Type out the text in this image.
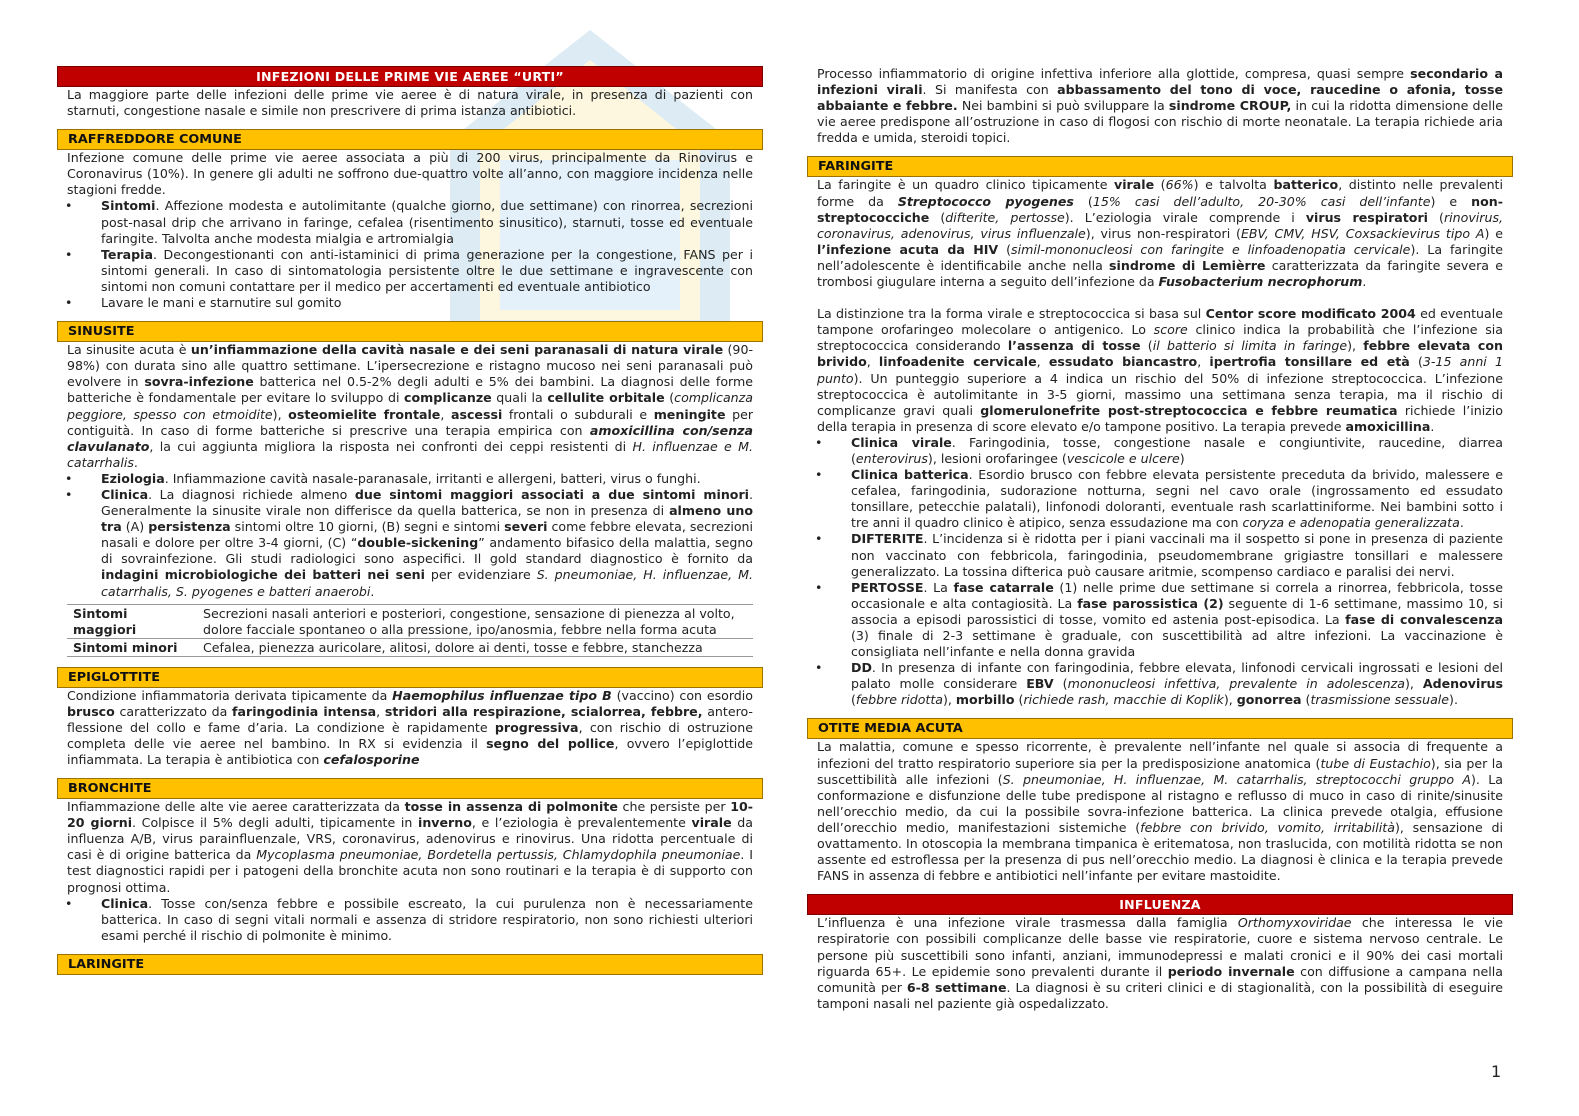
INFEZIONI DELLE PRIME VIE AEREE “URTI”

La maggiore parte delle infezioni delle prime vie aeree è di natura virale, in presenza di pazienti con starnuti, congestione nasale e simile non prescrivere di prima istanza antibiotici.

RAFFREDDORE COMUNE

Infezione comune delle prime vie aeree associata a più di 200 virus, principalmente da Rinovirus e Coronavirus (10%). In genere gli adulti ne soffrono due-quattro volte all’anno, con maggiore incidenza nelle stagioni fredde.

• Sintomi. Affezione modesta e autolimitante (qualche giorno, due settimane) con rinorrea, secrezioni post-nasal drip che arrivano in faringe, cefalea (risentimento sinusitico), starnuti, tosse ed eventuale faringite. Talvolta anche modesta mialgia e artromialgia
• Terapia. Decongestionanti con anti-istaminici di prima generazione per la congestione, FANS per i sintomi generali. In caso di sintomatologia persistente oltre le due settimane e ingravescente con sintomi non comuni contattare per il medico per accertamenti ed eventuale antibiotico
• Lavare le mani e starnutire sul gomito
SINUSITE

La sinusite acuta è un’infiammazione della cavità nasale e dei seni paranasali di natura virale (90-98%) con durata sino alle quattro settimane. L’ipersecrezione e ristagno mucoso nei seni paranasali può evolvere in sovra-infezione batterica nel 0.5-2% degli adulti e 5% dei bambini. La diagnosi delle forme batteriche è fondamentale per evitare lo sviluppo di complicanze quali la cellulite orbitale (complicanza peggiore, spesso con etmoidite), osteomielite frontale, ascessi frontali o subdurali e meningite per contiguità. In caso di forme batteriche si prescrive una terapia empirica con amoxicillina con/senza clavulanato, la cui aggiunta migliora la risposta nei confronti dei ceppi resistenti di H. influenzae e M. catarrhalis.

• Eziologia. Infiammazione cavità nasale-paranasale, irritanti e allergeni, batteri, virus o funghi.
• Clinica. La diagnosi richiede almeno due sintomi maggiori associati a due sintomi minori. Generalmente la sinusite virale non differisce da quella batterica, se non in presenza di almeno uno tra (A) persistenza sintomi oltre 10 giorni, (B) segni e sintomi severi come febbre elevata, secrezioni nasali e dolore per oltre 3-4 giorni, (C) “double-sickening” andamento bifasico della malattia, segno di sovrainfezione. Gli studi radiologici sono aspecifici. Il gold standard diagnostico è fornito da indagini microbiologiche dei batteri nei seni per evidenziare S. pneumoniae, H. influenzae, M. catarrhalis, S. pyogenes e batteri anaerobi.
Sintomi maggiori	Secrezioni nasali anteriori e posteriori, congestione, sensazione di pienezza al volto, dolore facciale spontaneo o alla pressione, ipo/anosmia, febbre nella forma acuta
Sintomi minori	Cefalea, pienezza auricolare, alitosi, dolore ai denti, tosse e febbre, stanchezza
EPIGLOTTITE

Condizione infiammatoria derivata tipicamente da Haemophilus influenzae tipo B (vaccino) con esordio brusco caratterizzato da faringodinia intensa, stridori alla respirazione, scialorrea, febbre, antero-flessione del collo e fame d’aria. La condizione è rapidamente progressiva, con rischio di ostruzione completa delle vie aeree nel bambino. In RX si evidenzia il segno del pollice, ovvero l’epiglottide infiammata. La terapia è antibiotica con cefalosporine

BRONCHITE

Infiammazione delle alte vie aeree caratterizzata da tosse in assenza di polmonite che persiste per 10-20 giorni. Colpisce il 5% degli adulti, tipicamente in inverno, e l’eziologia è prevalentemente virale da influenza A/B, virus parainfluenzale, VRS, coronavirus, adenovirus e rinovirus. Una ridotta percentuale di casi è di origine batterica da Mycoplasma pneumoniae, Bordetella pertussis, Chlamydophila pneumoniae. I test diagnostici rapidi per i patogeni della bronchite acuta non sono routinari e la terapia è di supporto con prognosi ottima.

• Clinica. Tosse con/senza febbre e possibile escreato, la cui purulenza non è necessariamente batterica. In caso di segni vitali normali e assenza di stridore respiratorio, non sono richiesti ulteriori esami perché il rischio di polmonite è minimo.
LARINGITE

Processo infiammatorio di origine infettiva inferiore alla glottide, compresa, quasi sempre secondario a infezioni virali. Si manifesta con abbassamento del tono di voce, raucedine o afonia, tosse abbaiante e febbre. Nei bambini si può sviluppare la sindrome CROUP, in cui la ridotta dimensione delle vie aeree predispone all’ostruzione in caso di flogosi con rischio di morte neonatale. La terapia richiede aria fredda e umida, steroidi topici.

FARINGITE

La faringite è un quadro clinico tipicamente virale (66%) e talvolta batterico, distinto nelle prevalenti forme da Streptococco pyogenes (15% casi dell’adulto, 20-30% casi dell’infante) e non-streptococciche (difterite, pertosse). L’eziologia virale comprende i virus respiratori (rinovirus, coronavirus, adenovirus, virus influenzale), virus non-respiratori (EBV, CMV, HSV, Coxsackievirus tipo A) e l’infezione acuta da HIV (simil-mononucleosi con faringite e linfoadenopatia cervicale). La faringite nell’adolescente è identificabile anche nella sindrome di Lemièrre caratterizzata da faringite severa e trombosi giugulare interna a seguito dell’infezione da Fusobacterium necrophorum.

La distinzione tra la forma virale e streptococcica si basa sul Centor score modificato 2004 ed eventuale tampone orofaringeo molecolare o antigenico. Lo score clinico indica la probabilità che l’infezione sia streptococcica considerando l’assenza di tosse (il batterio si limita in faringe), febbre elevata con brivido, linfoadenite cervicale, essudato biancastro, ipertrofia tonsillare ed età (3-15 anni 1 punto). Un punteggio superiore a 4 indica un rischio del 50% di infezione streptococcica. L’infezione streptococcica è autolimitante in 3-5 giorni, massimo una settimana senza terapia, ma il rischio di complicanze gravi quali glomerulonefrite post-streptococcica e febbre reumatica richiede l’inizio della terapia in presenza di score elevato e/o tampone positivo. La terapia prevede amoxicillina.

• Clinica virale. Faringodinia, tosse, congestione nasale e congiuntivite, raucedine, diarrea (enterovirus), lesioni orofaringee (vescicole e ulcere)
• Clinica batterica. Esordio brusco con febbre elevata persistente preceduta da brivido, malessere e cefalea, faringodinia, sudorazione notturna, segni nel cavo orale (ingrossamento ed essudato tonsillare, petecchie palatali), linfonodi doloranti, eventuale rash scarlattiniforme. Nei bambini sotto i tre anni il quadro clinico è atipico, senza essudazione ma con coryza e adenopatia generalizzata.
• DIFTERITE. L’incidenza si è ridotta per i piani vaccinali ma il sospetto si pone in presenza di paziente non vaccinato con febbricola, faringodinia, pseudomembrane grigiastre tonsillari e malessere generalizzato. La tossina difterica può causare aritmie, scompenso cardiaco e paralisi dei nervi.
• PERTOSSE. La fase catarrale (1) nelle prime due settimane si correla a rinorrea, febbricola, tosse occasionale e alta contagiosità. La fase parossistica (2) seguente di 1-6 settimane, massimo 10, si associa a episodi parossistici di tosse, vomito ed astenia post-episodica. La fase di convalescenza (3) finale di 2-3 settimane è graduale, con suscettibilità ad altre infezioni. La vaccinazione è consigliata nell’infante e nella donna gravida
• DD. In presenza di infante con faringodinia, febbre elevata, linfonodi cervicali ingrossati e lesioni del palato molle considerare EBV (mononucleosi infettiva, prevalente in adolescenza), Adenovirus (febbre ridotta), morbillo (richiede rash, macchie di Koplik), gonorrea (trasmissione sessuale).
OTITE MEDIA ACUTA

La malattia, comune e spesso ricorrente, è prevalente nell’infante nel quale si associa di frequente a infezioni del tratto respiratorio superiore sia per la predisposizione anatomica (tube di Eustachio), sia per la suscettibilità alle infezioni (S. pneumoniae, H. influenzae, M. catarrhalis, streptococchi gruppo A). La conformazione e disfunzione delle tube predispone al ristagno e reflusso di muco in caso di rinite/sinusite nell’orecchio medio, da cui la possibile sovra-infezione batterica. La clinica prevede otalgia, effusione dell’orecchio medio, manifestazioni sistemiche (febbre con brivido, vomito, irritabilità), sensazione di ovattamento. In otoscopia la membrana timpanica è eritematosa, non traslucida, con motilità ridotta se non assente ed estroflessa per la presenza di pus nell’orecchio medio. La diagnosi è clinica e la terapia prevede FANS in assenza di febbre e antibiotici nell’infante per evitare mastoidite.

INFLUENZA

L’influenza è una infezione virale trasmessa dalla famiglia Orthomyxoviridae che interessa le vie respiratorie con possibili complicanze delle basse vie respiratorie, cuore e sistema nervoso centrale. Le persone più suscettibili sono infanti, anziani, immunodepressi e malati cronici e il 90% dei casi mortali riguarda 65+. Le epidemie sono prevalenti durante il periodo invernale con diffusione a campana nella comunità per 6-8 settimane. La diagnosi è su criteri clinici e di stagionalità, con la possibilità di eseguire tamponi nasali nel paziente già ospedalizzato.

1
